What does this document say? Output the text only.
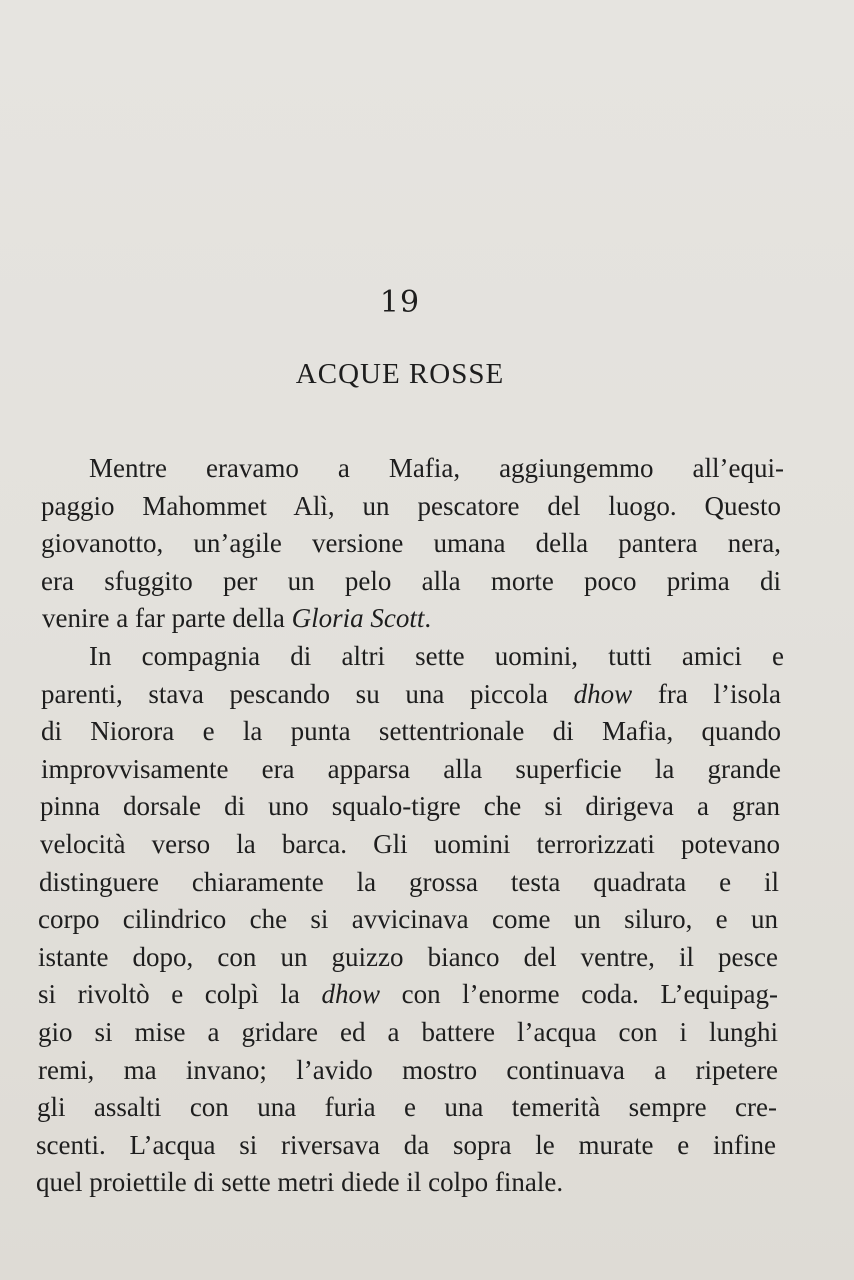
19
ACQUE ROSSE
Mentre eravamo a Mafia, aggiungemmo all’equi-
paggio Mahommet Alì, un pescatore del luogo. Questo
giovanotto, un’agile versione umana della pantera nera,
era sfuggito per un pelo alla morte poco prima di
venire a far parte della Gloria Scott.
In compagnia di altri sette uomini, tutti amici e
parenti, stava pescando su una piccola dhow fra l’isola
di Niorora e la punta settentrionale di Mafia, quando
improvvisamente era apparsa alla superficie la grande
pinna dorsale di uno squalo-tigre che si dirigeva a gran
velocità verso la barca. Gli uomini terrorizzati potevano
distinguere chiaramente la grossa testa quadrata e il
corpo cilindrico che si avvicinava come un siluro, e un
istante dopo, con un guizzo bianco del ventre, il pesce
si rivoltò e colpì la dhow con l’enorme coda. L’equipag-
gio si mise a gridare ed a battere l’acqua con i lunghi
remi, ma invano; l’avido mostro continuava a ripetere
gli assalti con una furia e una temerità sempre cre-
scenti. L’acqua si riversava da sopra le murate e infine
quel proiettile di sette metri diede il colpo finale.
